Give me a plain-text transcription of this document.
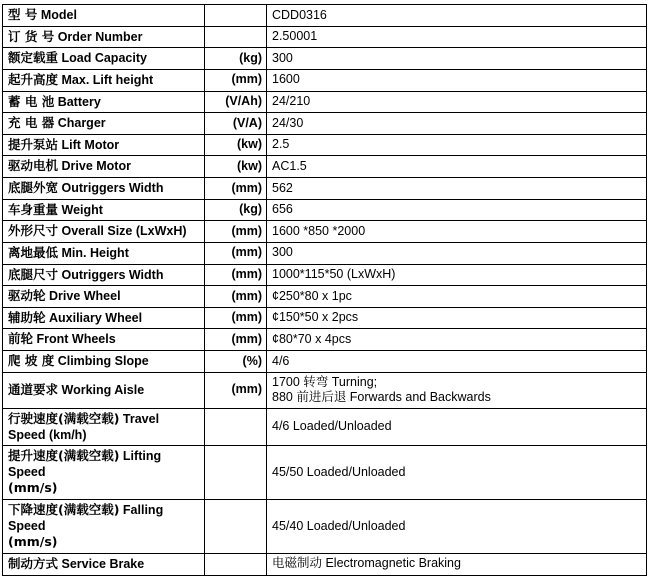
型 号 Model		CDD0316
订 货 号 Order Number		2.50001
额定载重 Load Capacity	(kg)	300
起升高度 Max. Lift height	(mm)	1600
蓄 电 池 Battery	(V/Ah)	24/210
充 电 器 Charger	(V/A)	24/30
提升泵站 Lift Motor	(kw)	2.5
驱动电机 Drive Motor	(kw)	AC1.5
底腿外宽 Outriggers Width	(mm)	562
车身重量 Weight	(kg)	656
外形尺寸 Overall Size (LxWxH)	(mm)	1600 *850 *2000
离地最低 Min. Height	(mm)	300
底腿尺寸 Outriggers Width	(mm)	1000*115*50 (LxWxH)
驱动轮 Drive Wheel	(mm)	¢250*80 x 1pc
辅助轮 Auxiliary Wheel	(mm)	¢150*50 x 2pcs
前轮 Front Wheels	(mm)	¢80*70 x 4pcs
爬 坡 度 Climbing Slope	(%)	4/6
通道要求 Working Aisle	(mm)	1700 转弯 Turning;
880 前进后退 Forwards and Backwards

行驶速度(满载空载) Travel Speed (km/h)		4/6 Loaded/Unloaded
提升速度(满载空载) Lifting Speed
(mm/s)		45/50 Loaded/Unloaded
下降速度(满载空载) Falling Speed
(mm/s)		45/40 Loaded/Unloaded
制动方式 Service Brake		电磁制动 Electromagnetic Braking
